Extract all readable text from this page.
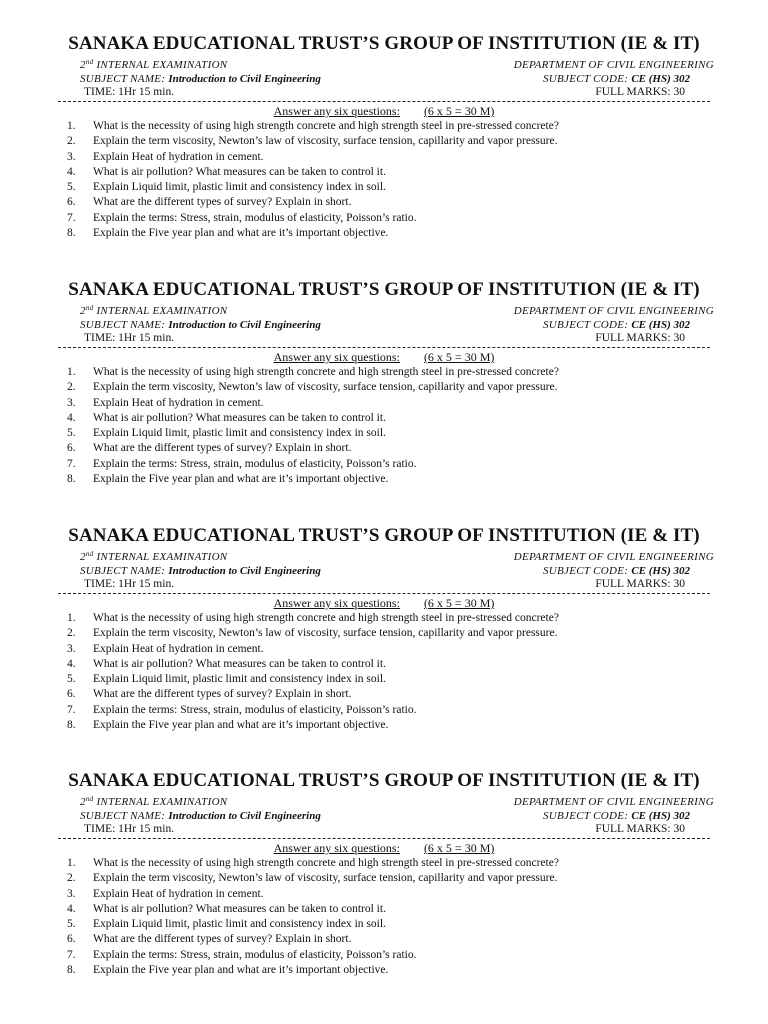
SANAKA EDUCATIONAL TRUST’S GROUP OF INSTITUTION (IE & IT)
2nd INTERNAL EXAMINATION	DEPARTMENT OF CIVIL ENGINEERING
SUBJECT NAME: Introduction to Civil Engineering	SUBJECT CODE: CE (HS) 302
TIME: 1Hr 15 min.	FULL MARKS: 30
Answer any six questions: (6 x 5 = 30 M)
1. What is the necessity of using high strength concrete and high strength steel in pre-stressed concrete?
2. Explain the term viscosity, Newton’s law of viscosity, surface tension, capillarity and vapor pressure.
3. Explain Heat of hydration in cement.
4. What is air pollution? What measures can be taken to control it.
5. Explain Liquid limit, plastic limit and consistency index in soil.
6. What are the different types of survey? Explain in short.
7. Explain the terms: Stress, strain, modulus of elasticity, Poisson’s ratio.
8. Explain the Five year plan and what are it’s important objective.
SANAKA EDUCATIONAL TRUST’S GROUP OF INSTITUTION (IE & IT)
2nd INTERNAL EXAMINATION	DEPARTMENT OF CIVIL ENGINEERING
SUBJECT NAME: Introduction to Civil Engineering	SUBJECT CODE: CE (HS) 302
TIME: 1Hr 15 min.	FULL MARKS: 30
Answer any six questions: (6 x 5 = 30 M)
1. What is the necessity of using high strength concrete and high strength steel in pre-stressed concrete?
2. Explain the term viscosity, Newton’s law of viscosity, surface tension, capillarity and vapor pressure.
3. Explain Heat of hydration in cement.
4. What is air pollution? What measures can be taken to control it.
5. Explain Liquid limit, plastic limit and consistency index in soil.
6. What are the different types of survey? Explain in short.
7. Explain the terms: Stress, strain, modulus of elasticity, Poisson’s ratio.
8. Explain the Five year plan and what are it’s important objective.
SANAKA EDUCATIONAL TRUST’S GROUP OF INSTITUTION (IE & IT)
2nd INTERNAL EXAMINATION	DEPARTMENT OF CIVIL ENGINEERING
SUBJECT NAME: Introduction to Civil Engineering	SUBJECT CODE: CE (HS) 302
TIME: 1Hr 15 min.	FULL MARKS: 30
Answer any six questions: (6 x 5 = 30 M)
1. What is the necessity of using high strength concrete and high strength steel in pre-stressed concrete?
2. Explain the term viscosity, Newton’s law of viscosity, surface tension, capillarity and vapor pressure.
3. Explain Heat of hydration in cement.
4. What is air pollution? What measures can be taken to control it.
5. Explain Liquid limit, plastic limit and consistency index in soil.
6. What are the different types of survey? Explain in short.
7. Explain the terms: Stress, strain, modulus of elasticity, Poisson’s ratio.
8. Explain the Five year plan and what are it’s important objective.
SANAKA EDUCATIONAL TRUST’S GROUP OF INSTITUTION (IE & IT)
2nd INTERNAL EXAMINATION	DEPARTMENT OF CIVIL ENGINEERING
SUBJECT NAME: Introduction to Civil Engineering	SUBJECT CODE: CE (HS) 302
TIME: 1Hr 15 min.	FULL MARKS: 30
Answer any six questions: (6 x 5 = 30 M)
1. What is the necessity of using high strength concrete and high strength steel in pre-stressed concrete?
2. Explain the term viscosity, Newton’s law of viscosity, surface tension, capillarity and vapor pressure.
3. Explain Heat of hydration in cement.
4. What is air pollution? What measures can be taken to control it.
5. Explain Liquid limit, plastic limit and consistency index in soil.
6. What are the different types of survey? Explain in short.
7. Explain the terms: Stress, strain, modulus of elasticity, Poisson’s ratio.
8. Explain the Five year plan and what are it’s important objective.
